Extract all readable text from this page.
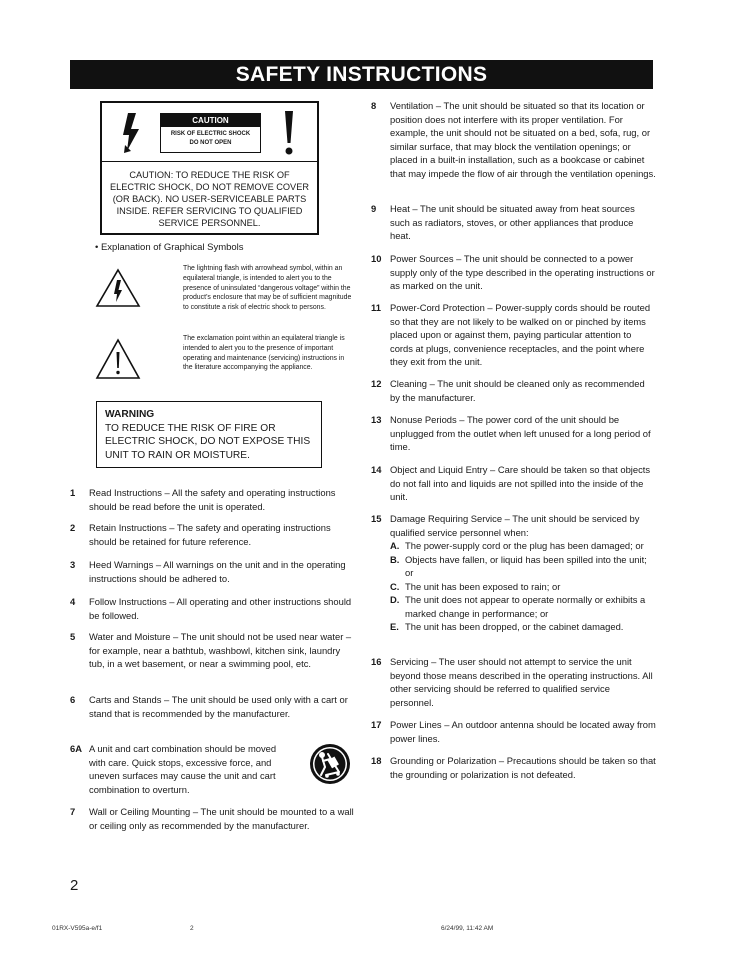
SAFETY INSTRUCTIONS
CAUTION
RISK OF ELECTRIC SHOCK
DO NOT OPEN
CAUTION: TO REDUCE THE RISK OF ELECTRIC SHOCK, DO NOT REMOVE COVER (OR BACK). NO USER-SERVICEABLE PARTS INSIDE. REFER SERVICING TO QUALIFIED SERVICE PERSONNEL.
• Explanation of Graphical Symbols
The lightning flash with arrowhead symbol, within an equilateral triangle, is intended to alert you to the presence of uninsulated “dangerous voltage” within the product’s enclosure that may be of sufficient magnitude to constitute a risk of electric shock to persons.
The exclamation point within an equilateral triangle is intended to alert you to the presence of important operating and maintenance (servicing) instructions in the literature accompanying the appliance.
WARNING
TO REDUCE THE RISK OF FIRE OR ELECTRIC SHOCK, DO NOT EXPOSE THIS UNIT TO RAIN OR MOISTURE.
1 Read Instructions – All the safety and operating instructions should be read before the unit is operated.
2 Retain Instructions – The safety and operating instructions should be retained for future reference.
3 Heed Warnings – All warnings on the unit and in the operating instructions should be adhered to.
4 Follow Instructions – All operating and other instructions should be followed.
5 Water and Moisture – The unit should not be used near water – for example, near a bathtub, washbowl, kitchen sink, laundry tub, in a wet basement, or near a swimming pool, etc.
6 Carts and Stands – The unit should be used only with a cart or stand that is recommended by the manufacturer.
6A A unit and cart combination should be moved with care. Quick stops, excessive force, and uneven surfaces may cause the unit and cart combination to overturn.
7 Wall or Ceiling Mounting – The unit should be mounted to a wall or ceiling only as recommended by the manufacturer.
8 Ventilation – The unit should be situated so that its location or position does not interfere with its proper ventilation. For example, the unit should not be situated on a bed, sofa, rug, or similar surface, that may block the ventilation openings; or placed in a built-in installation, such as a bookcase or cabinet that may impede the flow of air through the ventilation openings.
9 Heat – The unit should be situated away from heat sources such as radiators, stoves, or other appliances that produce heat.
10 Power Sources – The unit should be connected to a power supply only of the type described in the operating instructions or as marked on the unit.
11 Power-Cord Protection – Power-supply cords should be routed so that they are not likely to be walked on or pinched by items placed upon or against them, paying particular attention to cords at plugs, convenience receptacles, and the point where they exit from the unit.
12 Cleaning – The unit should be cleaned only as recommended by the manufacturer.
13 Nonuse Periods – The power cord of the unit should be unplugged from the outlet when left unused for a long period of time.
14 Object and Liquid Entry – Care should be taken so that objects do not fall into and liquids are not spilled into the inside of the unit.
15 Damage Requiring Service – The unit should be serviced by qualified service personnel when:
A. The power-supply cord or the plug has been damaged; or
B. Objects have fallen, or liquid has been spilled into the unit; or
C. The unit has been exposed to rain; or
D. The unit does not appear to operate normally or exhibits a marked change in performance; or
E. The unit has been dropped, or the cabinet damaged.
16 Servicing – The user should not attempt to service the unit beyond those means described in the operating instructions. All other servicing should be referred to qualified service personnel.
17 Power Lines – An outdoor antenna should be located away from power lines.
18 Grounding or Polarization – Precautions should be taken so that the grounding or polarization is not defeated.
2
01RX-V595a-e/f1	2	6/24/99, 11:42 AM
